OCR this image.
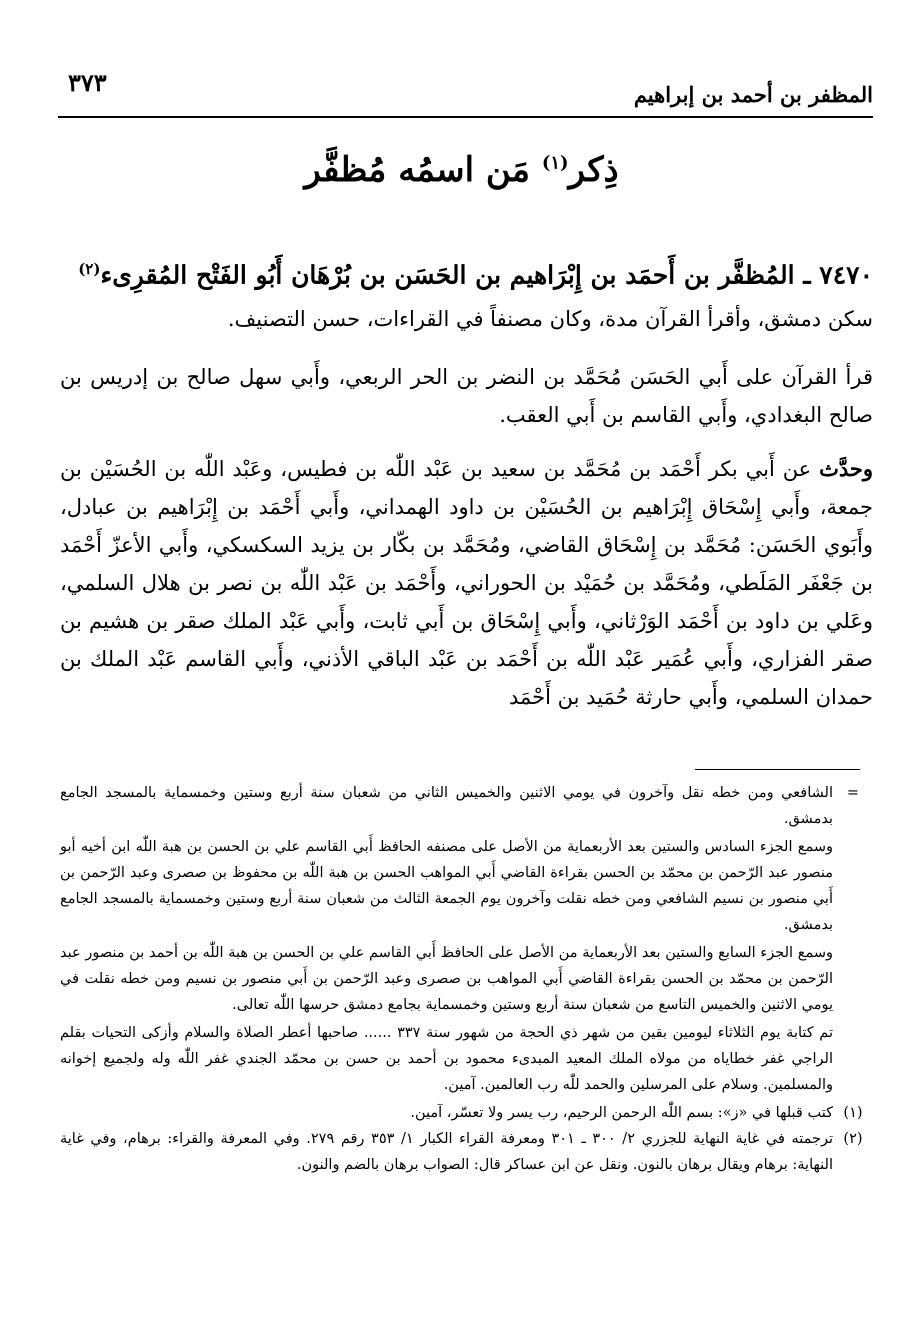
المظفر بن أحمد بن إبراهيم
٣٧٣
ذِكر$^{(١)}$ مَن اسمُه مُظفَّر
٧٤٧٠ ـ المُظفَّر بن أَحمَد بن إِبْرَاهيم بن الحَسَن بن بُرْهَان أَبُو الفَتْح المُقرِىء$^{(٢)}$
سكن دمشق، وأقرأ القرآن مدة، وكان مصنفاً في القراءات، حسن التصنيف.
قرأ القرآن على أَبي الحَسَن مُحَمَّد بن النضر بن الحر الربعي، وأَبي سهل صالح بن إدريس بن صالح البغدادي، وأَبي القاسم بن أَبي العقب.
وحدَّث عن أَبي بكر أَحْمَد بن مُحَمَّد بن سعيد بن عَبْد اللّٰه بن فطيس، وعَبْد اللّٰه بن الحُسَيْن بن جمعة، وأَبي إِسْحَاق إِبْرَاهيم بن الحُسَيْن بن داود الهمداني، وأَبي أَحْمَد بن إِبْرَاهيم بن عبادل، وأَبَوي الحَسَن: مُحَمَّد بن إِسْحَاق القاضي، ومُحَمَّد بن بكّار بن يزيد السكسكي، وأَبي الأعزّ أَحْمَد بن جَعْفَر المَلَطي، ومُحَمَّد بن حُمَيْد بن الحوراني، وأَحْمَد بن عَبْد اللّٰه بن نصر بن هلال السلمي، وعَلي بن داود بن أَحْمَد الوَرْثاني، وأَبي إِسْحَاق بن أَبي ثابت، وأَبي عَبْد الملك صقر بن هشيم بن صقر الفزاري، وأَبي عُمَير عَبْد اللّٰه بن أَحْمَد بن عَبْد الباقي الأذني، وأَبي القاسم عَبْد الملك بن حمدان السلمي، وأَبي حارثة حُمَيد بن أَحْمَد

=
الشافعي ومن خطه نقل وآخرون في يومي الاثنين والخميس الثاني من شعبان سنة أربع وستين وخمسماية بالمسجد الجامع بدمشق.

وسمع الجزء السادس والستين بعد الأربعماية من الأصل على مصنفه الحافظ أَبي القاسم علي بن الحسن بن هبة اللّٰه ابن أخيه أبو منصور عبد الرّحمن بن محمّد بن الحسن بقراءة القاضي أَبي المواهب الحسن بن هبة اللّٰه بن محفوظ بن صصرى وعبد الرّحمن بن أَبي منصور بن نسيم الشافعي ومن خطه نقلت وآخرون يوم الجمعة الثالث من شعبان سنة أربع وستين وخمسماية بالمسجد الجامع بدمشق.

وسمع الجزء السابع والستين بعد الأربعماية من الأصل على الحافظ أَبي القاسم علي بن الحسن بن هبة اللّٰه بن أحمد بن منصور عبد الرّحمن بن محمّد بن الحسن بقراءة القاضي أَبي المواهب بن صصرى وعبد الرّحمن بن أَبي منصور بن نسيم ومن خطه نقلت في يومي الاثنين والخميس التاسع من شعبان سنة أربع وستين وخمسماية بجامع دمشق حرسها اللّٰه تعالى.

تم كتابة يوم الثلاثاء ليومين بقين من شهر ذي الحجة من شهور سنة ٣٣٧ ...... صاحبها أعطر الصلاة والسلام وأزكى التحيات بقلم الراجي غفر خطاياه من مولاه الملك المعيد المبدىء محمود بن أحمد بن حسن بن محمّد الجندي غفر اللّٰه وله ولجميع إخوانه والمسلمين. وسلام على المرسلين والحمد للّٰه رب العالمين. آمين.

(١)
كتب قبلها في «ز»: بسم اللّٰه الرحمن الرحيم، رب يسر ولا تعسّر، آمين.

(٢)
ترجمته في غاية النهاية للجزري ٢/ ٣٠٠ ـ ٣٠١ ومعرفة القراء الكبار ١/ ٣٥٣ رقم ٢٧٩. وفي المعرفة والقراء: برهام، وفي غاية النهاية: برهام ويقال برهان بالنون. ونقل عن ابن عساكر قال: الصواب برهان بالضم والنون.
